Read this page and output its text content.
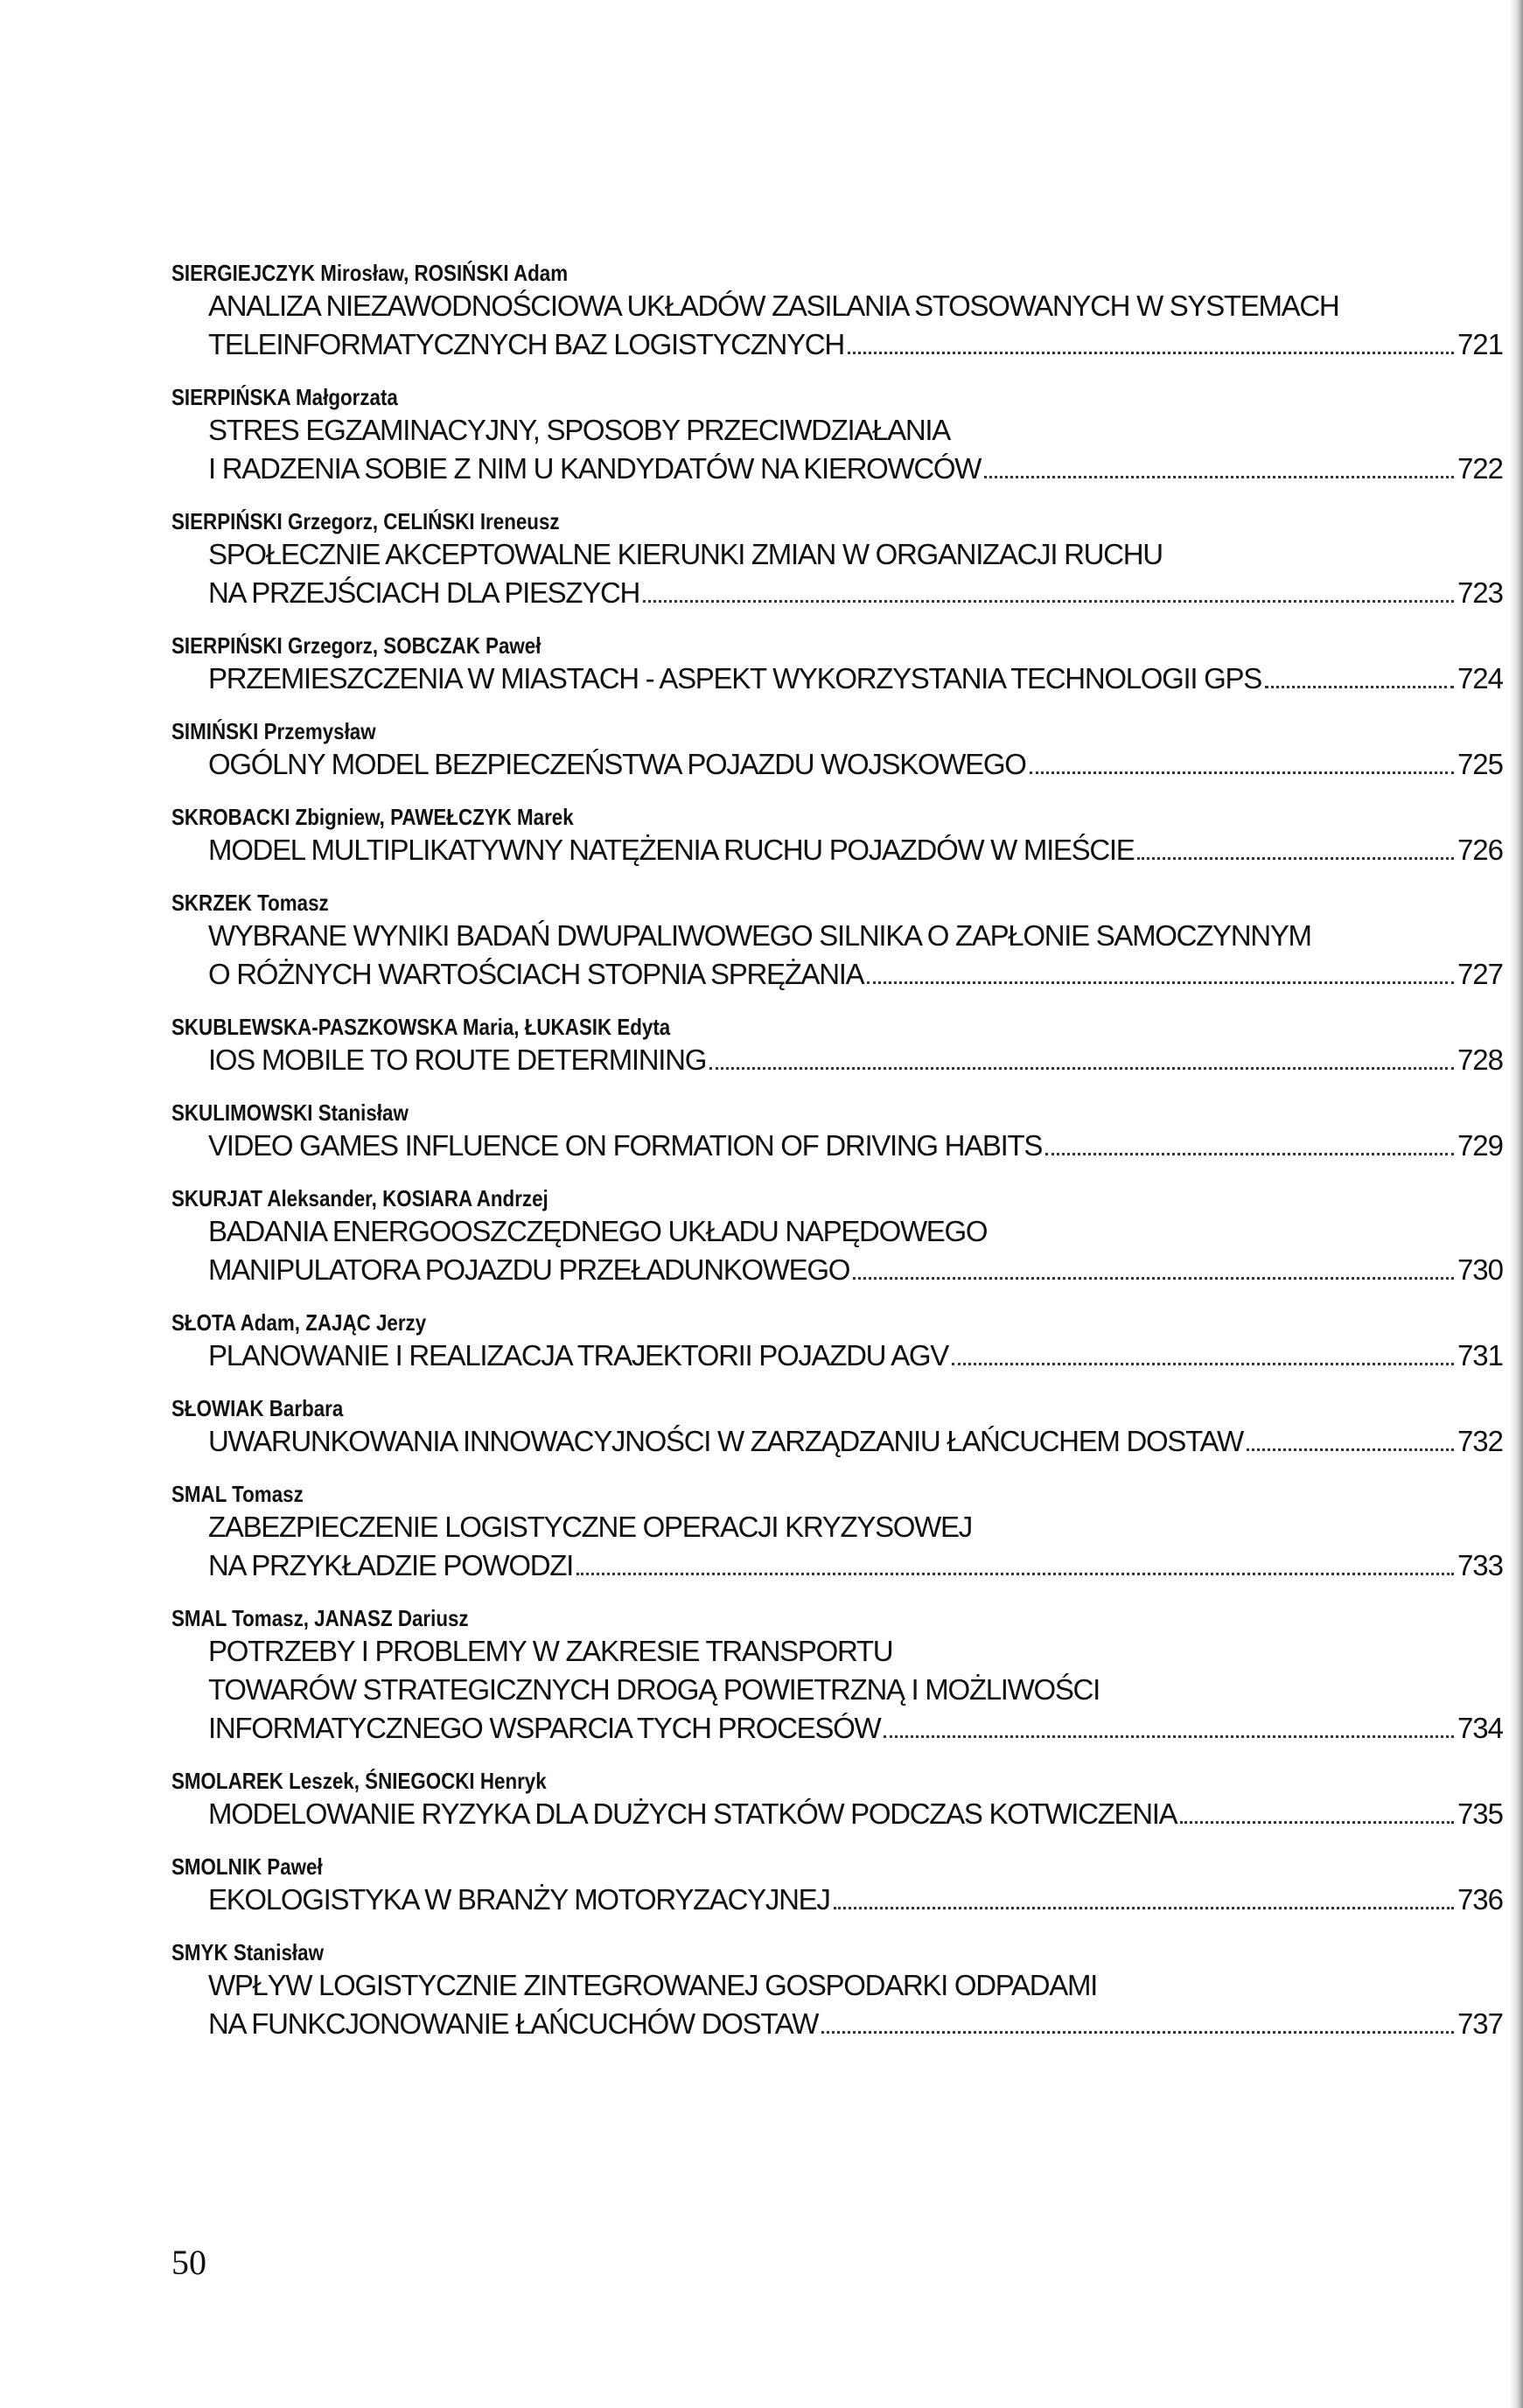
SIERGIEJCZYK Mirosław, ROSIŃSKI Adam
ANALIZA NIEZAWODNOŚCIOWA UKŁADÓW ZASILANIA STOSOWANYCH W SYSTEMACH
TELEINFORMATYCZNYCH BAZ LOGISTYCZNYCH	721
SIERPIŃSKA Małgorzata
STRES EGZAMINACYJNY, SPOSOBY PRZECIWDZIAŁANIA
I RADZENIA SOBIE Z NIM U KANDYDATÓW NA KIEROWCÓW	722
SIERPIŃSKI Grzegorz, CELIŃSKI Ireneusz
SPOŁECZNIE AKCEPTOWALNE KIERUNKI ZMIAN W ORGANIZACJI RUCHU
NA PRZEJŚCIACH DLA PIESZYCH	723
SIERPIŃSKI Grzegorz, SOBCZAK Paweł
PRZEMIESZCZENIA W MIASTACH - ASPEKT WYKORZYSTANIA TECHNOLOGII GPS	724
SIMIŃSKI Przemysław
OGÓLNY MODEL BEZPIECZEŃSTWA POJAZDU WOJSKOWEGO	725
SKROBACKI Zbigniew, PAWEŁCZYK Marek
MODEL MULTIPLIKATYWNY NATĘŻENIA RUCHU POJAZDÓW W MIEŚCIE	726
SKRZEK Tomasz
WYBRANE WYNIKI BADAŃ DWUPALIWOWEGO SILNIKA O ZAPŁONIE SAMOCZYNNYM
O RÓŻNYCH WARTOŚCIACH STOPNIA SPRĘŻANIA	727
SKUBLEWSKA-PASZKOWSKA Maria, ŁUKASIK Edyta
IOS MOBILE TO ROUTE DETERMINING	728
SKULIMOWSKI Stanisław
VIDEO GAMES INFLUENCE ON FORMATION OF DRIVING HABITS	729
SKURJAT Aleksander, KOSIARA Andrzej
BADANIA ENERGOOSZCZĘDNEGO UKŁADU NAPĘDOWEGO
MANIPULATORA POJAZDU PRZEŁADUNKOWEGO	730
SŁOTA Adam, ZAJĄC Jerzy
PLANOWANIE I REALIZACJA TRAJEKTORII POJAZDU AGV	731
SŁOWIAK Barbara
UWARUNKOWANIA INNOWACYJNOŚCI W ZARZĄDZANIU ŁAŃCUCHEM DOSTAW	732
SMAL Tomasz
ZABEZPIECZENIE LOGISTYCZNE OPERACJI KRYZYSOWEJ
NA PRZYKŁADZIE POWODZI	733
SMAL Tomasz, JANASZ Dariusz
POTRZEBY I PROBLEMY W ZAKRESIE TRANSPORTU
TOWARÓW STRATEGICZNYCH DROGĄ POWIETRZNĄ I MOŻLIWOŚCI
INFORMATYCZNEGO WSPARCIA TYCH PROCESÓW	734
SMOLAREK Leszek, ŚNIEGOCKI Henryk
MODELOWANIE RYZYKA DLA DUŻYCH STATKÓW PODCZAS KOTWICZENIA	735
SMOLNIK Paweł
EKOLOGISTYKA W BRANŻY MOTORYZACYJNEJ	736
SMYK Stanisław
WPŁYW LOGISTYCZNIE ZINTEGROWANEJ GOSPODARKI ODPADAMI
NA FUNKCJONOWANIE ŁAŃCUCHÓW DOSTAW	737
50
